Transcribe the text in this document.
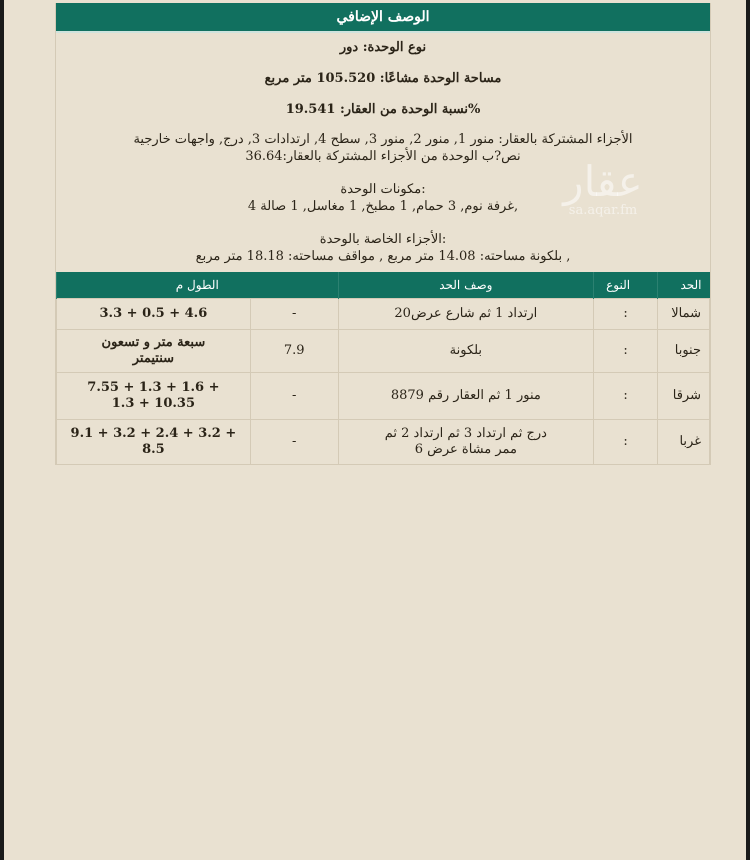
الوصف الإضافي
نوع الوحدة: دور
مساحة الوحدة مشاعًا: 105.520 متر مربع
%نسبة الوحدة من العقار: 19.541
الأجزاء المشتركة بالعقار: منور 1, منور 2, منور 3, سطح 4, ارتدادات 3, درج, واجهات خارجية
نص?ب الوحدة من الأجزاء المشتركة بالعقار:36.64
:مكونات الوحدة
,غرفة نوم, 3 حمام, 1 مطبخ, 1 مغاسل, 1 صالة 4
:الأجزاء الخاصة بالوحدة
, بلكونة مساحته: 14.08 متر مربع , مواقف مساحته: 18.18 متر مربع
الحد	النوع	وصف الحد	الطول م	
شمالا	:	ارتداد 1 ثم شارع عرض20	-	3.3 + 0.5 + 4.6
جنوبا	:	بلكونة	7.9	سبعة متر و تسعون سنتيمتر
شرقا	:	منور 1 ثم العقار رقم 8879	-	7.55 + 1.3 + 1.6 + 1.3 + 10.35
غربا	:	درج ثم ارتداد 3 ثم ارتداد 2 ثم ممر مشاة عرض 6	-	9.1 + 3.2 + 2.4 + 3.2 + 8.5
عقار
sa.aqar.fm
